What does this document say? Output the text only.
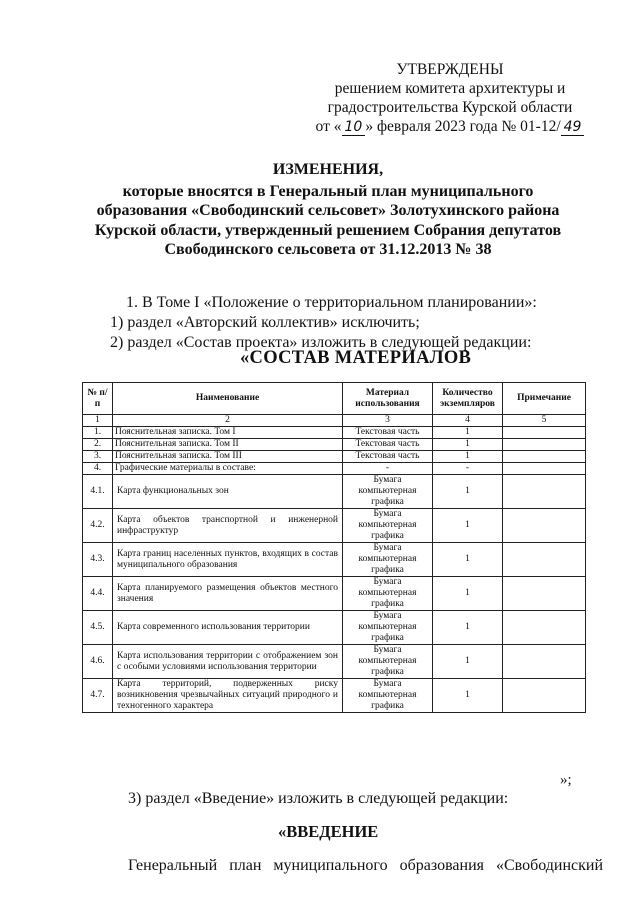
УТВЕРЖДЕНЫ
решением комитета архитектуры и
градостроительства Курской области
от « 10 » февраля 2023 года № 01-12/ 49
ИЗМЕНЕНИЯ,
которые вносятся в Генеральный план муниципального
образования «Свободинский сельсовет» Золотухинского района
Курской области, утвержденный решением Собрания депутатов
Свободинского сельсовета от 31.12.2013 № 38
1. В Томе I «Положение о территориальном планировании»:
1) раздел «Авторский коллектив» исключить;
2) раздел «Состав проекта» изложить в следующей редакции:
«СОСТАВ МАТЕРИАЛОВ
№ п/п	Наименование	Материал использования	Количество экземпляров	Примечание
1	2	3	4	5
1.	Пояснительная записка. Том I	Текстовая часть	1	
2.	Пояснительная записка. Том II	Текстовая часть	1	
3.	Пояснительная записка. Том III	Текстовая часть	1	
4.	Графические материалы в составе:	-	-	
4.1.	Карта функциональных зон	Бумага компьютерная графика	1	
4.2.	Карта объектов транспортной и инженерной инфраструктур	Бумага компьютерная графика	1	
4.3.	Карта границ населенных пунктов, входящих в состав муниципального образования	Бумага компьютерная графика	1	
4.4.	Карта планируемого размещения объектов местного значения	Бумага компьютерная графика	1	
4.5.	Карта современного использования территории	Бумага компьютерная графика	1	
4.6.	Карта использования территории с отображением зон с особыми условиями использования территории	Бумага компьютерная графика	1	
4.7.	Карта территорий, подверженных риску возникновения чрезвычайных ситуаций природного и техногенного характера	Бумага компьютерная графика	1	
»;
3) раздел «Введение» изложить в следующей редакции:
«ВВЕДЕНИЕ
Генеральный план муниципального образования «Свободинский
